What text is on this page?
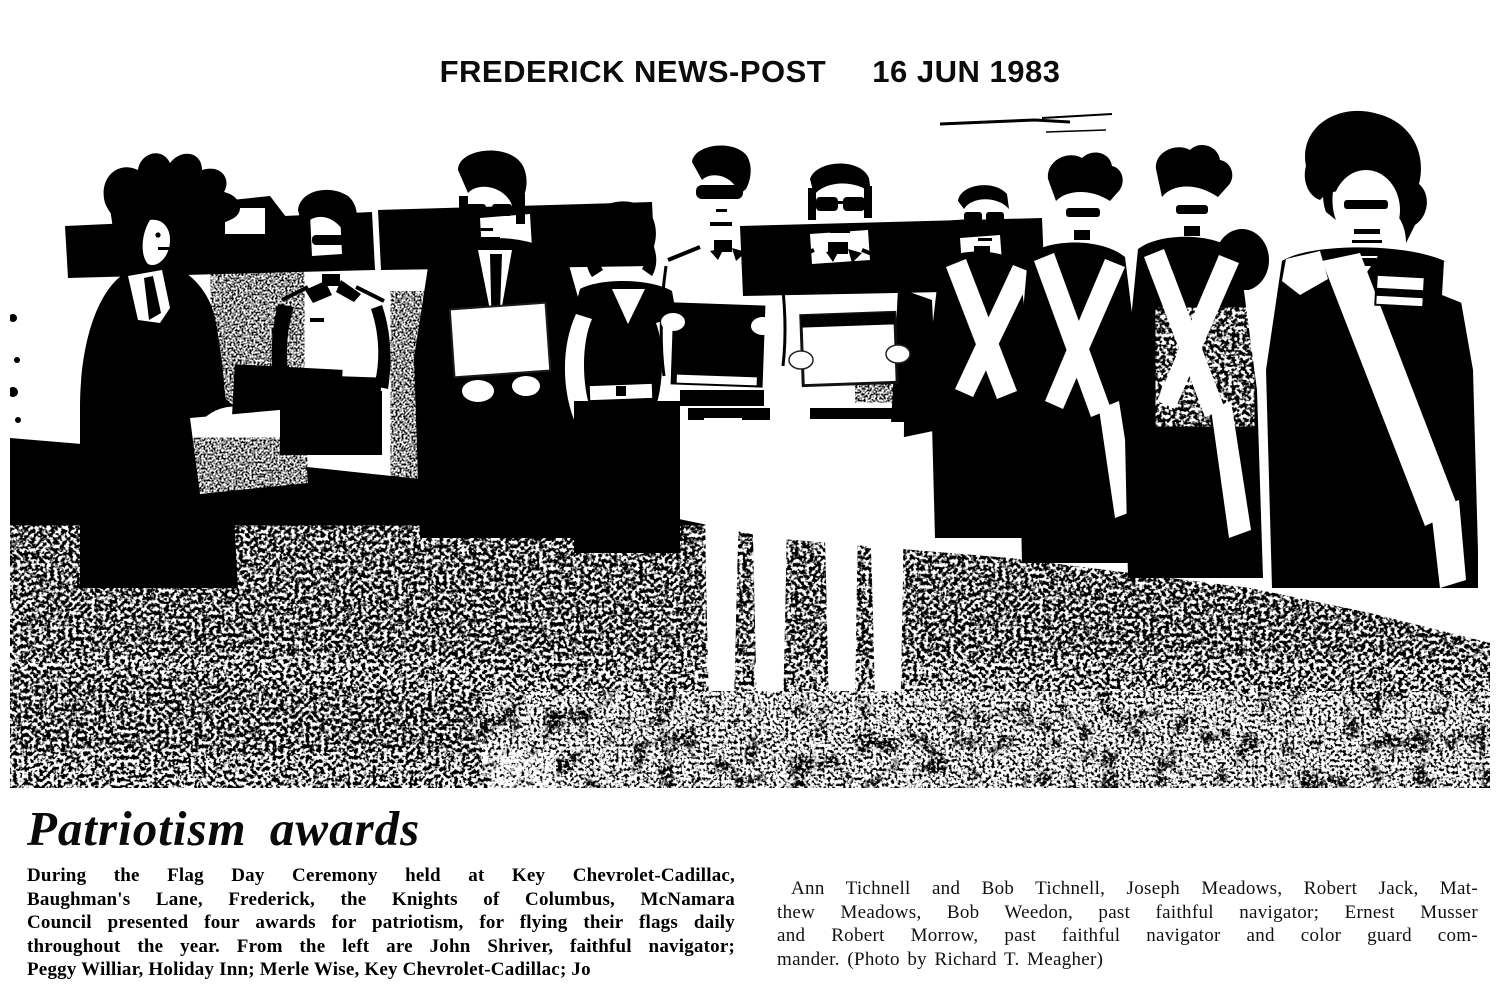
FREDERICK NEWS-POST 16 JUN 1983
Patriotism awards
During the Flag Day Ceremony held at Key Chevrolet-Cadillac,
Baughman's Lane, Frederick, the Knights of Columbus, McNamara
Council presented four awards for patriotism, for flying their flags daily
throughout the year. From the left are John Shriver, faithful navigator;
Peggy Williar, Holiday Inn; Merle Wise, Key Chevrolet-Cadillac; Jo
Ann Tichnell and Bob Tichnell, Joseph Meadows, Robert Jack, Mat-
thew Meadows, Bob Weedon, past faithful navigator; Ernest Musser
and Robert Morrow, past faithful navigator and color guard com-
mander. (Photo by Richard T. Meagher)
